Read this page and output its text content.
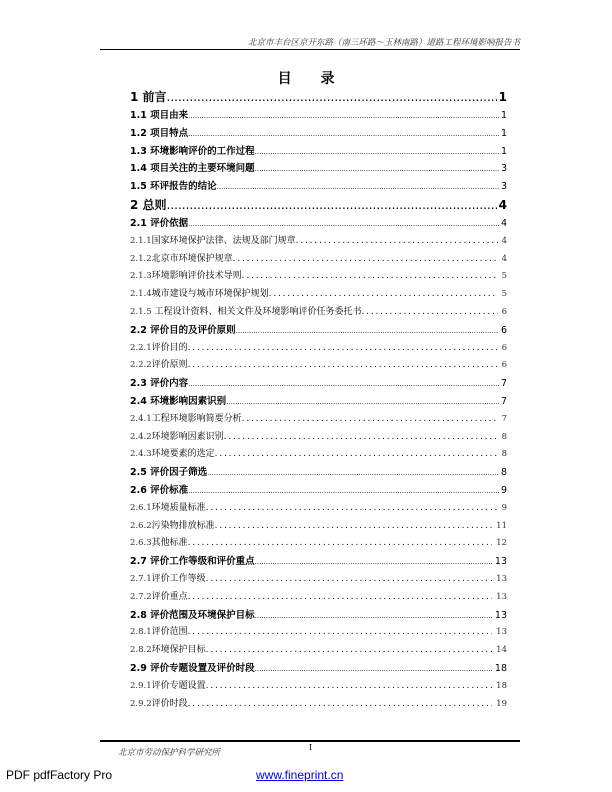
北京市丰台区京开东路（南三环路～玉林南路）道路工程环境影响报告书
目 录
1 前言 .....	1
1.1 项目由来 .....	1
1.2 项目特点 .....	1
1.3 环境影响评价的工作过程 .....	1
1.4 项目关注的主要环境问题 .....	3
1.5 环评报告的结论 .....	3
2 总则 .....	4
2.1 评价依据 .....	4
2.1.1国家环境保护法律、法规及部门规章 .....	4
2.1.2北京市环境保护规章 .....	4
2.1.3环境影响评价技术导则 .....	5
2.1.4城市建设与城市环境保护规划 .....	5
2.1.5 工程设计资料、相关文件及环境影响评价任务委托书 .....	6
2.2 评价目的及评价原则 .....	6
2.2.1评价目的 .....	6
2.2.2评价原则 .....	6
2.3 评价内容 .....	7
2.4 环境影响因素识别 .....	7
2.4.1工程环境影响简要分析 .....	7
2.4.2环境影响因素识别 .....	8
2.4.3环境要素的选定 .....	8
2.5 评价因子筛选 .....	8
2.6 评价标准 .....	9
2.6.1环境质量标准 .....	9
2.6.2污染物排放标准 .....	11
2.6.3其他标准 .....	12
2.7 评价工作等级和评价重点 .....	13
2.7.1评价工作等级 .....	13
2.7.2评价重点 .....	13
2.8 评价范围及环境保护目标 .....	13
2.8.1评价范围 .....	13
2.8.2环境保护目标 .....	14
2.9 评价专题设置及评价时段 .....	18
2.9.1评价专题设置 .....	18
2.9.2评价时段 .....	19
北京市劳动保护科学研究所
I
PDF pdfFactory Pro	www.fineprint.cn
